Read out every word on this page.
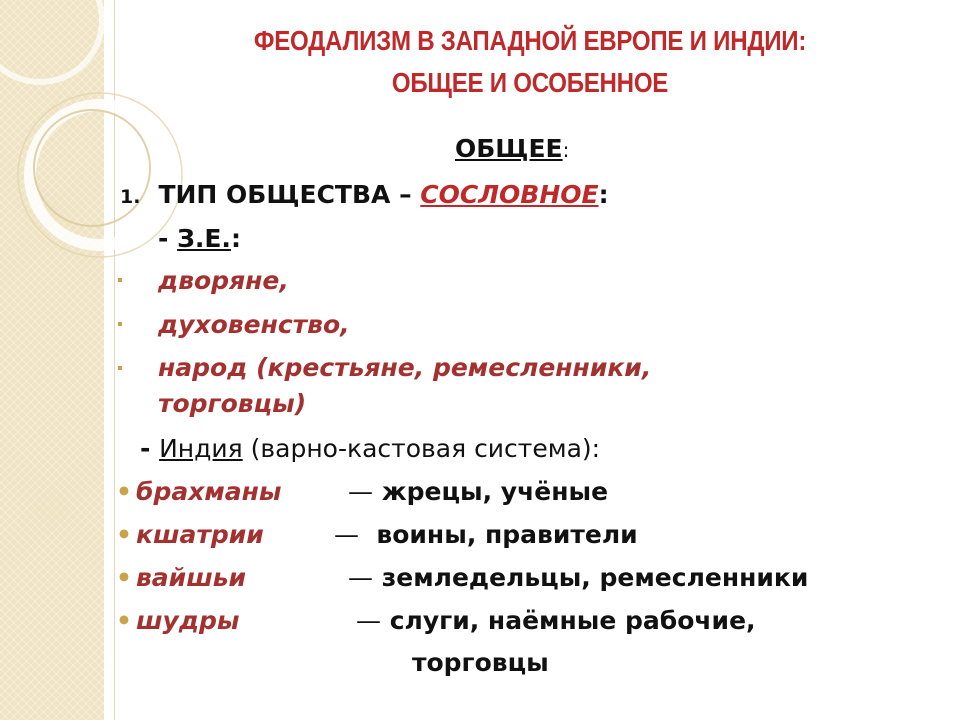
ФЕОДАЛИЗМ В ЗАПАДНОЙ ЕВРОПЕ И ИНДИИ:
ОБЩЕЕ И ОСОБЕННОЕ
ОБЩЕЕ:
1. ТИП ОБЩЕСТВА – СОСЛОВНОЕ:
- З.Е.:
дворяне,
духовенство,
народ (крестьяне, ремесленники,
торговцы)
- Индия (варно-кастовая система):
• брахманы	— жрецы, учёные
• кшатрии	— воины, правители
• вайшьи	— земледельцы, ремесленники
• шудры	— слуги, наёмные рабочие,
торговцы
